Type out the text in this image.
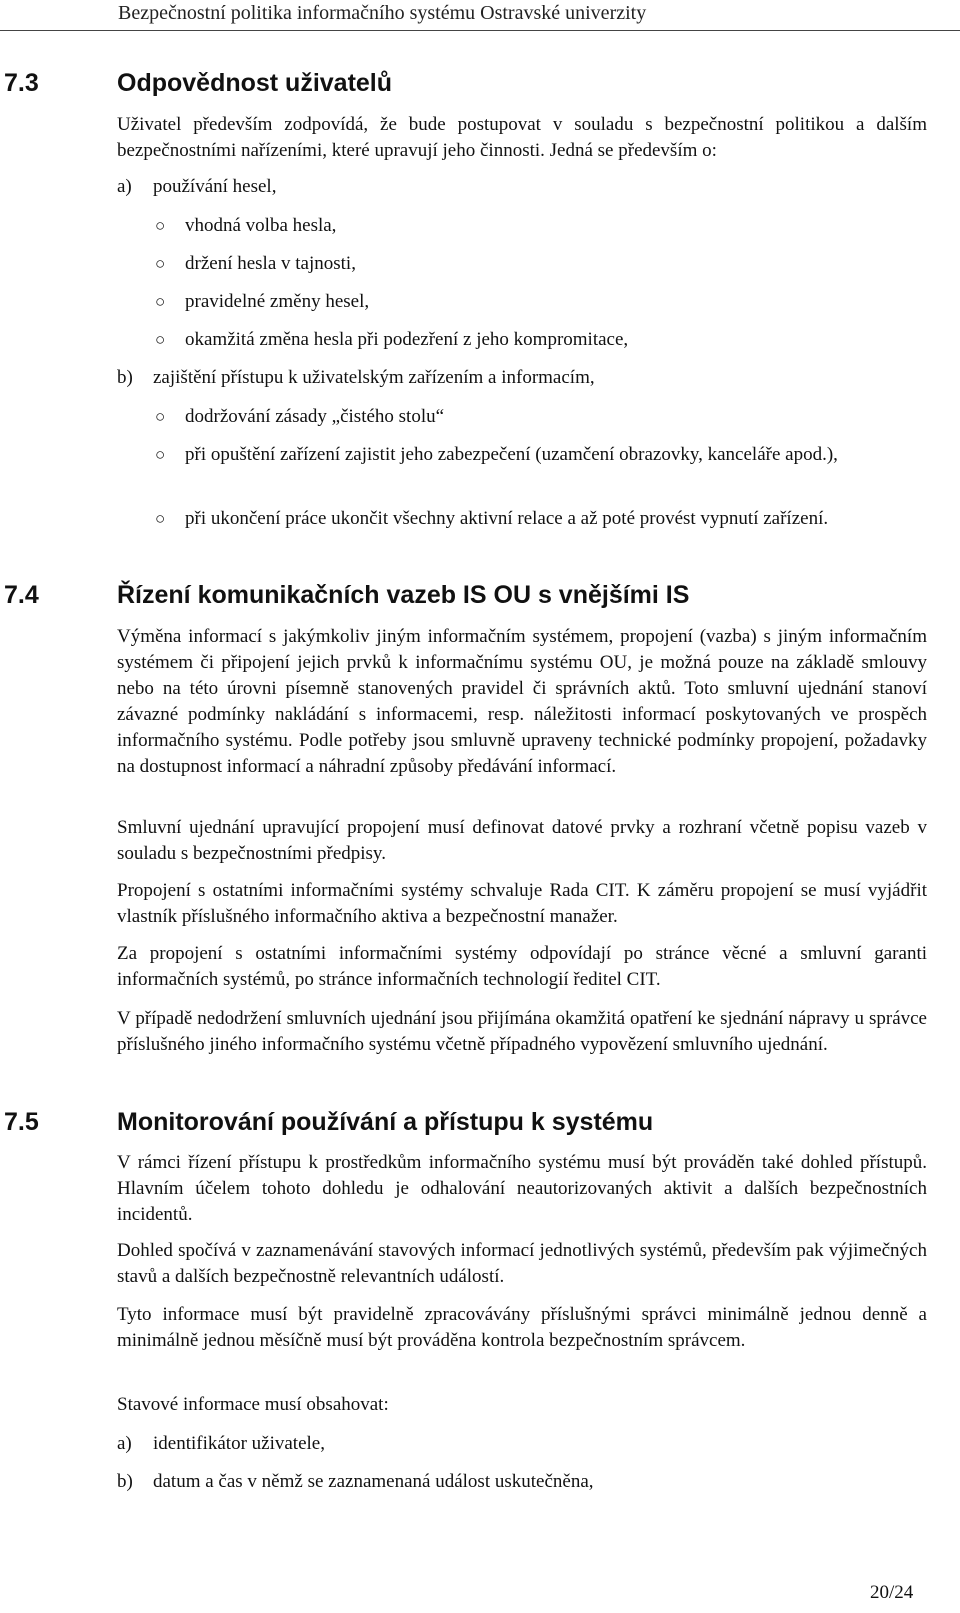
Bezpečnostní politika informačního systému Ostravské univerzity
7.3	Odpovědnost uživatelů

Uživatel především zodpovídá, že bude postupovat v souladu s bezpečnostní politikou a dalším bezpečnostními nařízeními, které upravují jeho činnosti. Jedná se především o:

a) používání hesel,
○ vhodná volba hesla,
○ držení hesla v tajnosti,
○ pravidelné změny hesel,
○ okamžitá změna hesla při podezření z jeho kompromitace,
b) zajištění přístupu k uživatelským zařízením a informacím,
○ dodržování zásady „čistého stolu“
○ při opuštění zařízení zajistit jeho zabezpečení (uzamčení obrazovky, kanceláře apod.),
○ při ukončení práce ukončit všechny aktivní relace a až poté provést vypnutí zařízení.
7.4	Řízení komunikačních vazeb IS OU s vnějšími IS

Výměna informací s jakýmkoliv jiným informačním systémem, propojení (vazba) s jiným informačním systémem či připojení jejich prvků k informačnímu systému OU, je možná pouze na základě smlouvy nebo na této úrovni písemně stanovených pravidel či správních aktů. Toto smluvní ujednání stanoví závazné podmínky nakládání s informacemi, resp. náležitosti informací poskytovaných ve prospěch informačního systému. Podle potřeby jsou smluvně upraveny technické podmínky propojení, požadavky na dostupnost informací a náhradní způsoby předávání informací.

Smluvní ujednání upravující propojení musí definovat datové prvky a rozhraní včetně popisu vazeb v souladu s bezpečnostními předpisy.

Propojení s ostatními informačními systémy schvaluje Rada CIT. K záměru propojení se musí vyjádřit vlastník příslušného informačního aktiva a bezpečnostní manažer.

Za propojení s ostatními informačními systémy odpovídají po stránce věcné a smluvní garanti informačních systémů, po stránce informačních technologií ředitel CIT.

V případě nedodržení smluvních ujednání jsou přijímána okamžitá opatření ke sjednání nápravy u správce příslušného jiného informačního systému včetně případného vypovězení smluvního ujednání.

7.5	Monitorování používání a přístupu k systému

V rámci řízení přístupu k prostředkům informačního systému musí být prováděn také dohled přístupů. Hlavním účelem tohoto dohledu je odhalování neautorizovaných aktivit a dalších bezpečnostních incidentů.

Dohled spočívá v zaznamenávání stavových informací jednotlivých systémů, především pak výjimečných stavů a dalších bezpečnostně relevantních událostí.

Tyto informace musí být pravidelně zpracovávány příslušnými správci minimálně jednou denně a minimálně jednou měsíčně musí být prováděna kontrola bezpečnostním správcem.

Stavové informace musí obsahovat:

a) identifikátor uživatele,
b) datum a čas v němž se zaznamenaná událost uskutečněna,
20/24
